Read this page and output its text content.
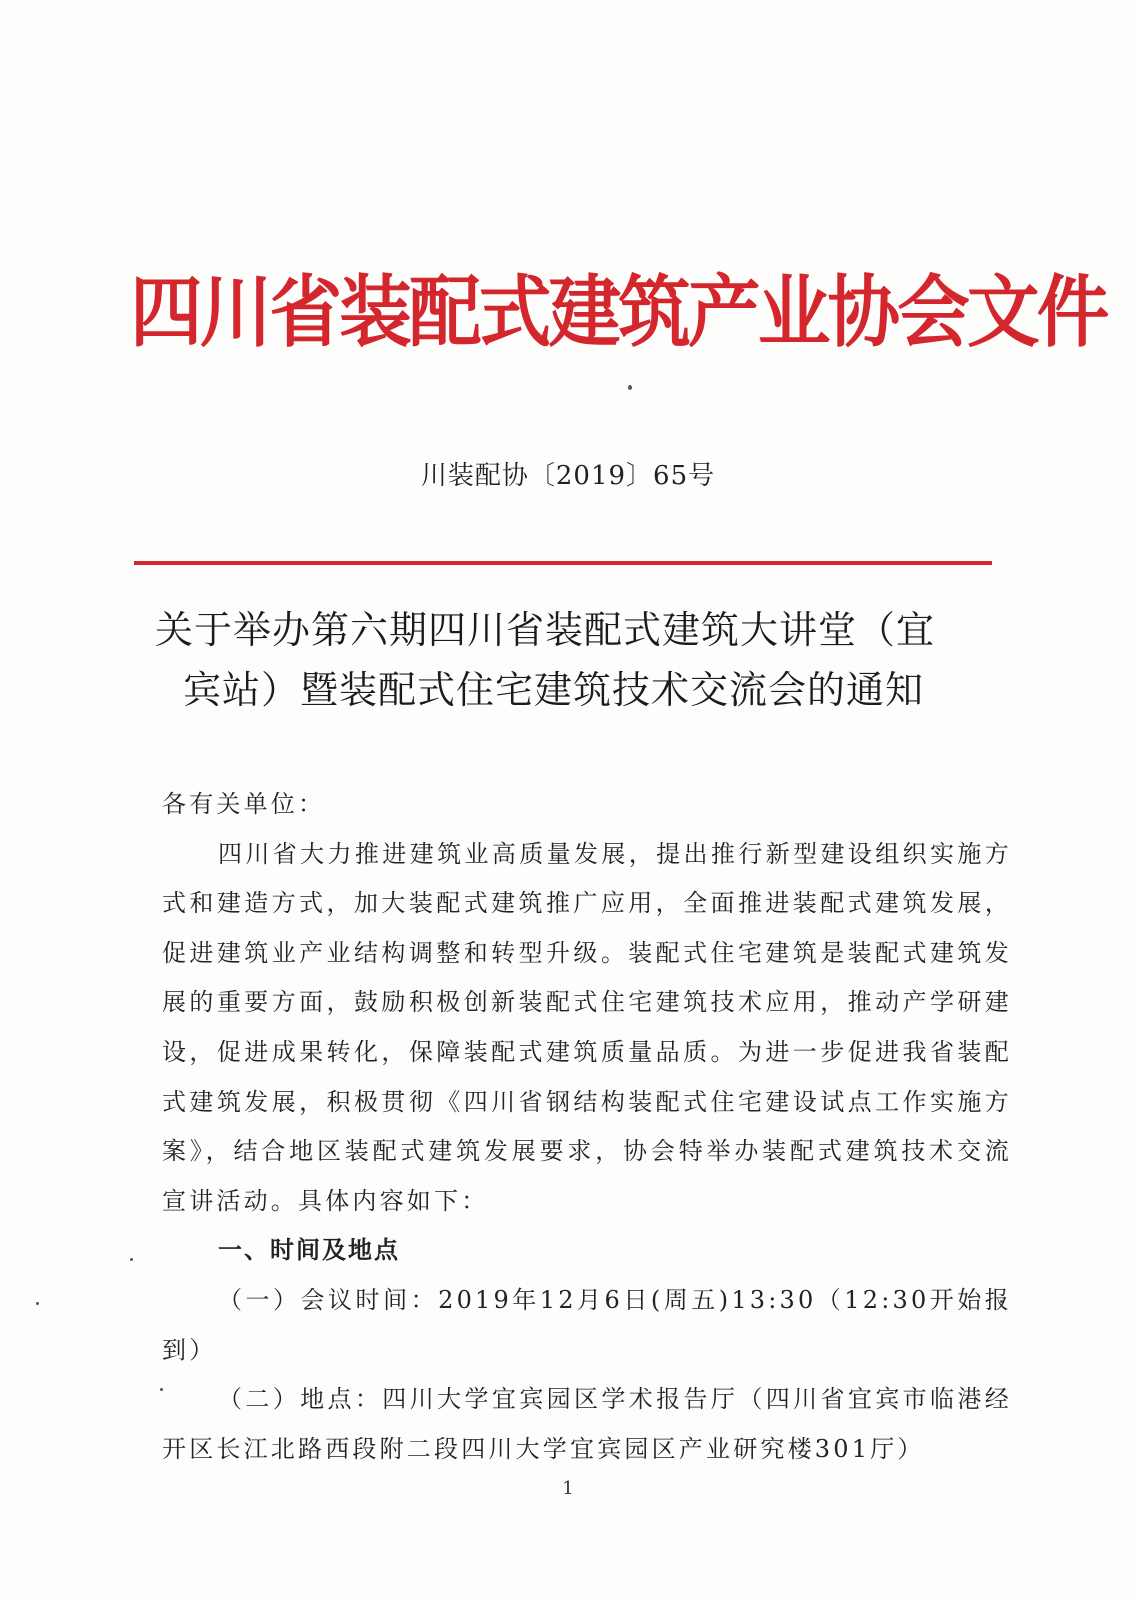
四川省装配式建筑产业协会文件
川装配协〔2019〕65号
关于举办第六期四川省装配式建筑大讲堂（宜
宾站）暨装配式住宅建筑技术交流会的通知

各有关单位：

四川省大力推进建筑业高质量发展，提出推行新型建设组织实施方式和建造方式，加大装配式建筑推广应用，全面推进装配式建筑发展，促进建筑业产业结构调整和转型升级。装配式住宅建筑是装配式建筑发展的重要方面，鼓励积极创新装配式住宅建筑技术应用，推动产学研建设，促进成果转化，保障装配式建筑质量品质。为进一步促进我省装配式建筑发展，积极贯彻《四川省钢结构装配式住宅建设试点工作实施方案》，结合地区装配式建筑发展要求，协会特举办装配式建筑技术交流宣讲活动。具体内容如下：

一、时间及地点

（一）会议时间：2019年12月6日(周五)13:30（12:30开始报到）

（二）地点：四川大学宜宾园区学术报告厅（四川省宜宾市临港经开区长江北路西段附二段四川大学宜宾园区产业研究楼301厅）

1
